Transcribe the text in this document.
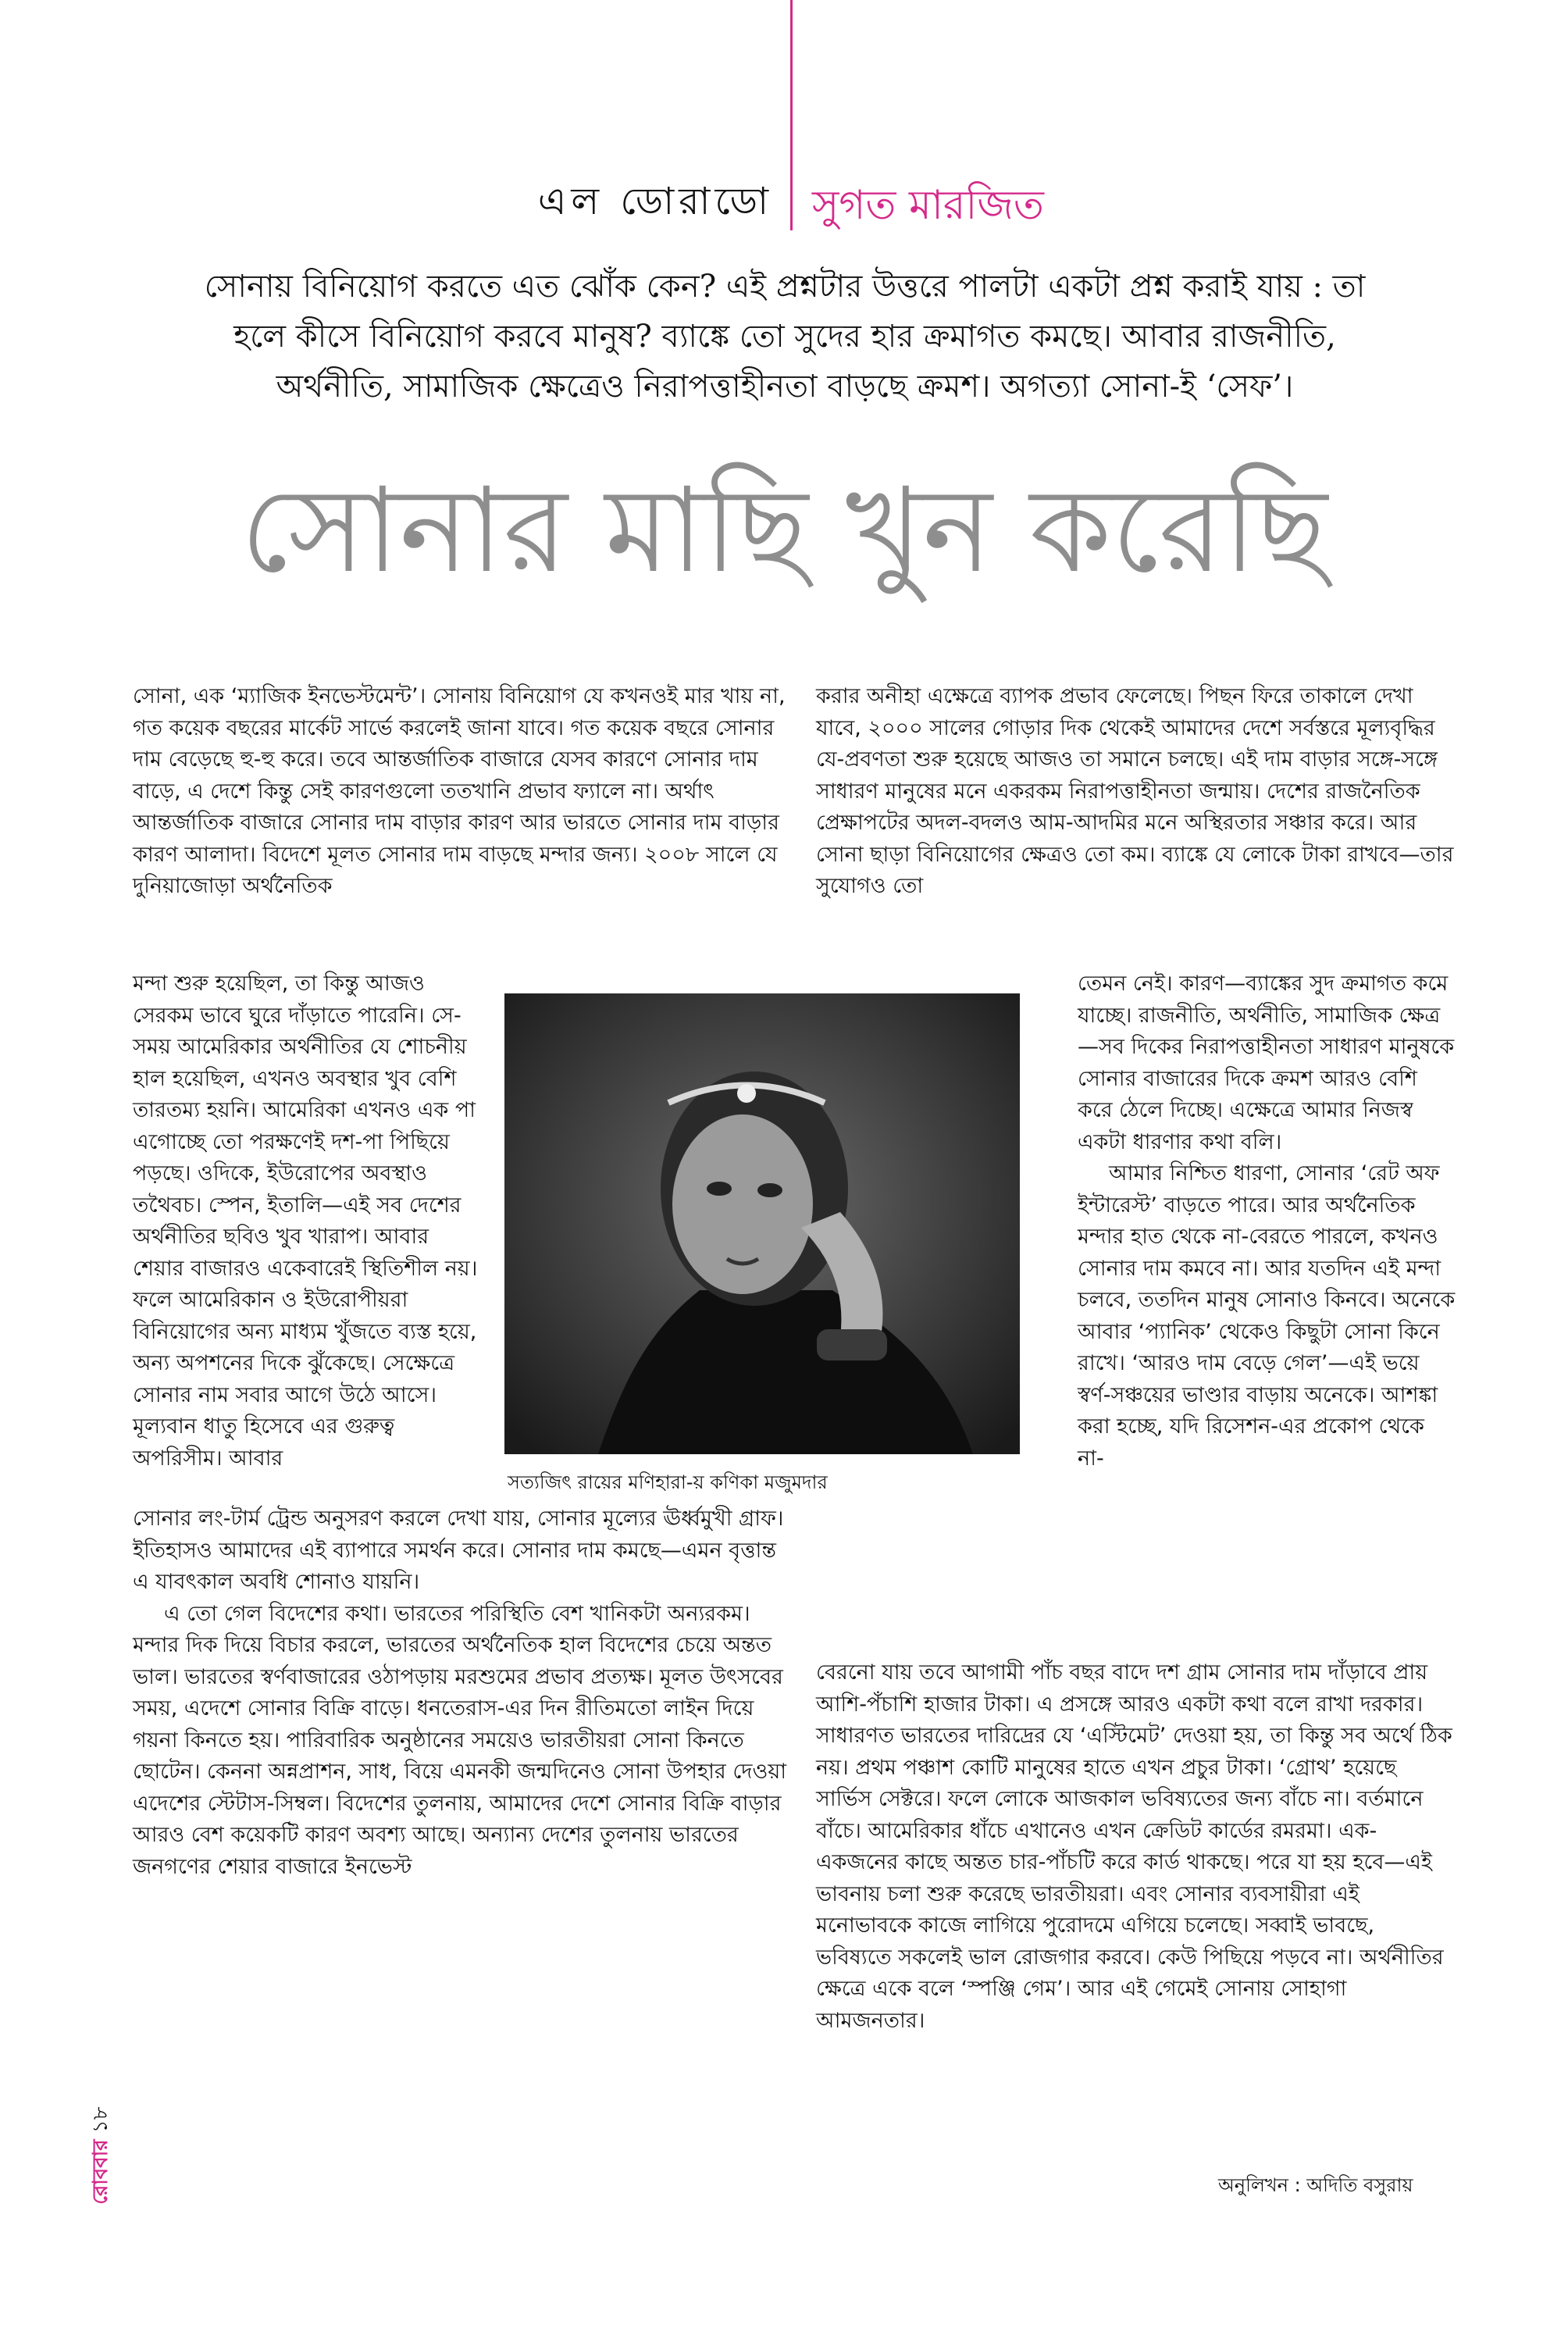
এল ডোরাডো সুগত মারজিত
সোনায় বিনিয়োগ করতে এত ঝোঁক কেন? এই প্রশ্নটার উত্তরে পালটা একটা প্রশ্ন করাই যায় : তা
হলে কীসে বিনিয়োগ করবে মানুষ? ব্যাঙ্কে তো সুদের হার ক্রমাগত কমছে। আবার রাজনীতি,
অর্থনীতি, সামাজিক ক্ষেত্রেও নিরাপত্তাহীনতা বাড়ছে ক্রমশ। অগত্যা সোনা-ই ‘সেফ’।
সোনার মাছি খুন করেছি

সোনা, এক ‘ম্যাজিক ইনভেস্টমেন্ট’। সোনায় বিনিয়োগ যে কখনওই মার খায় না, গত কয়েক বছরের মার্কেট সার্ভে করলেই জানা যাবে। গত কয়েক বছরে সোনার দাম বেড়েছে হু-হু করে। তবে আন্তর্জাতিক বাজারে যেসব কারণে সোনার দাম বাড়ে, এ দেশে কিন্তু সেই কারণগুলো ততখানি প্রভাব ফ্যালে না। অর্থাৎ আন্তর্জাতিক বাজারে সোনার দাম বাড়ার কারণ আর ভারতে সোনার দাম বাড়ার কারণ আলাদা। বিদেশে মূলত সোনার দাম বাড়ছে মন্দার জন্য। ২০০৮ সালে যে দুনিয়াজোড়া অর্থনৈতিক

মন্দা শুরু হয়েছিল, তা কিন্তু আজও সেরকম ভাবে ঘুরে দাঁড়াতে পারেনি। সে-সময় আমেরিকার অর্থনীতির যে শোচনীয় হাল হয়েছিল, এখনও অবস্থার খুব বেশি তারতম্য হয়নি। আমেরিকা এখনও এক পা এগোচ্ছে তো পরক্ষণেই দশ-পা পিছিয়ে পড়ছে। ওদিকে, ইউরোপের অবস্থাও তথৈবচ। স্পেন, ইতালি—এই সব দেশের অর্থনীতির ছবিও খুব খারাপ। আবার শেয়ার বাজারও একেবারেই স্থিতিশীল নয়। ফলে আমেরিকান ও ইউরোপীয়রা বিনিয়োগের অন্য মাধ্যম খুঁজতে ব্যস্ত হয়ে, অন্য অপশনের দিকে ঝুঁকেছে। সেক্ষেত্রে সোনার নাম সবার আগে উঠে আসে। মূল্যবান ধাতু হিসেবে এর গুরুত্ব অপরিসীম। আবার

সোনার লং-টার্ম ট্রেন্ড অনুসরণ করলে দেখা যায়, সোনার মূল্যের ঊর্ধ্বমুখী গ্রাফ। ইতিহাসও আমাদের এই ব্যাপারে সমর্থন করে। সোনার দাম কমছে—এমন বৃত্তান্ত এ যাবৎকাল অবধি শোনাও যায়নি।

এ তো গেল বিদেশের কথা। ভারতের পরিস্থিতি বেশ খানিকটা অন্যরকম। মন্দার দিক দিয়ে বিচার করলে, ভারতের অর্থনৈতিক হাল বিদেশের চেয়ে অন্তত ভাল। ভারতের স্বর্ণবাজারের ওঠাপড়ায় মরশুমের প্রভাব প্রত্যক্ষ। মূলত উৎসবের সময়, এদেশে সোনার বিক্রি বাড়ে। ধনতেরাস-এর দিন রীতিমতো লাইন দিয়ে গয়না কিনতে হয়। পারিবারিক অনুষ্ঠানের সময়েও ভারতীয়রা সোনা কিনতে ছোটেন। কেননা অন্নপ্রাশন, সাধ, বিয়ে এমনকী জন্মদিনেও সোনা উপহার দেওয়া এদেশের স্টেটাস-সিম্বল। বিদেশের তুলনায়, আমাদের দেশে সোনার বিক্রি বাড়ার আরও বেশ কয়েকটি কারণ অবশ্য আছে। অন্যান্য দেশের তুলনায় ভারতের জনগণের শেয়ার বাজারে ইনভেস্ট

করার অনীহা এক্ষেত্রে ব্যাপক প্রভাব ফেলেছে। পিছন ফিরে তাকালে দেখা যাবে, ২০০০ সালের গোড়ার দিক থেকেই আমাদের দেশে সর্বস্তরে মূল্যবৃদ্ধির যে-প্রবণতা শুরু হয়েছে আজও তা সমানে চলছে। এই দাম বাড়ার সঙ্গে-সঙ্গে সাধারণ মানুষের মনে একরকম নিরাপত্তাহীনতা জন্মায়। দেশের রাজনৈতিক প্রেক্ষাপটের অদল-বদলও আম-আদমির মনে অস্থিরতার সঞ্চার করে। আর সোনা ছাড়া বিনিয়োগের ক্ষেত্রও তো কম। ব্যাঙ্কে যে লোকে টাকা রাখবে—তার সুযোগও তো

তেমন নেই। কারণ—ব্যাঙ্কের সুদ ক্রমাগত কমে যাচ্ছে। রাজনীতি, অর্থনীতি, সামাজিক ক্ষেত্র—সব দিকের নিরাপত্তাহীনতা সাধারণ মানুষকে সোনার বাজারের দিকে ক্রমশ আরও বেশি করে ঠেলে দিচ্ছে। এক্ষেত্রে আমার নিজস্ব একটা ধারণার কথা বলি।

আমার নিশ্চিত ধারণা, সোনার ‘রেট অফ ইন্টারেস্ট’ বাড়তে পারে। আর অর্থনৈতিক মন্দার হাত থেকে না-বেরতে পারলে, কখনও সোনার দাম কমবে না। আর যতদিন এই মন্দা চলবে, ততদিন মানুষ সোনাও কিনবে। অনেকে আবার ‘প্যানিক’ থেকেও কিছুটা সোনা কিনে রাখে। ‘আরও দাম বেড়ে গেল’—এই ভয়ে স্বর্ণ-সঞ্চয়ের ভাণ্ডার বাড়ায় অনেকে। আশঙ্কা করা হচ্ছে, যদি রিসেশন-এর প্রকোপ থেকে না-

বেরনো যায় তবে আগামী পাঁচ বছর বাদে দশ গ্রাম সোনার দাম দাঁড়াবে প্রায় আশি-পঁচাশি হাজার টাকা। এ প্রসঙ্গে আরও একটা কথা বলে রাখা দরকার। সাধারণত ভারতের দারিদ্রের যে ‘এস্টিমেট’ দেওয়া হয়, তা কিন্তু সব অর্থে ঠিক নয়। প্রথম পঞ্চাশ কোটি মানুষের হাতে এখন প্রচুর টাকা। ‘গ্রোথ’ হয়েছে সার্ভিস সেক্টরে। ফলে লোকে আজকাল ভবিষ্যতের জন্য বাঁচে না। বর্তমানে বাঁচে। আমেরিকার ধাঁচে এখানেও এখন ক্রেডিট কার্ডের রমরমা। এক-একজনের কাছে অন্তত চার-পাঁচটি করে কার্ড থাকছে। পরে যা হয় হবে—এই ভাবনায় চলা শুরু করেছে ভারতীয়রা। এবং সোনার ব্যবসায়ীরা এই মনোভাবকে কাজে লাগিয়ে পুরোদমে এগিয়ে চলেছে। সব্বাই ভাবছে, ভবিষ্যতে সকলেই ভাল রোজগার করবে। কেউ পিছিয়ে পড়বে না। অর্থনীতির ক্ষেত্রে একে বলে ‘স্পঞ্জি গেম’। আর এই গেমেই সোনায় সোহাগা আমজনতার।

সত্যজিৎ রায়ের মণিহারা-য় কণিকা মজুমদার
অনুলিখন : অদিতি বসুরায়
রোববার ১৮
